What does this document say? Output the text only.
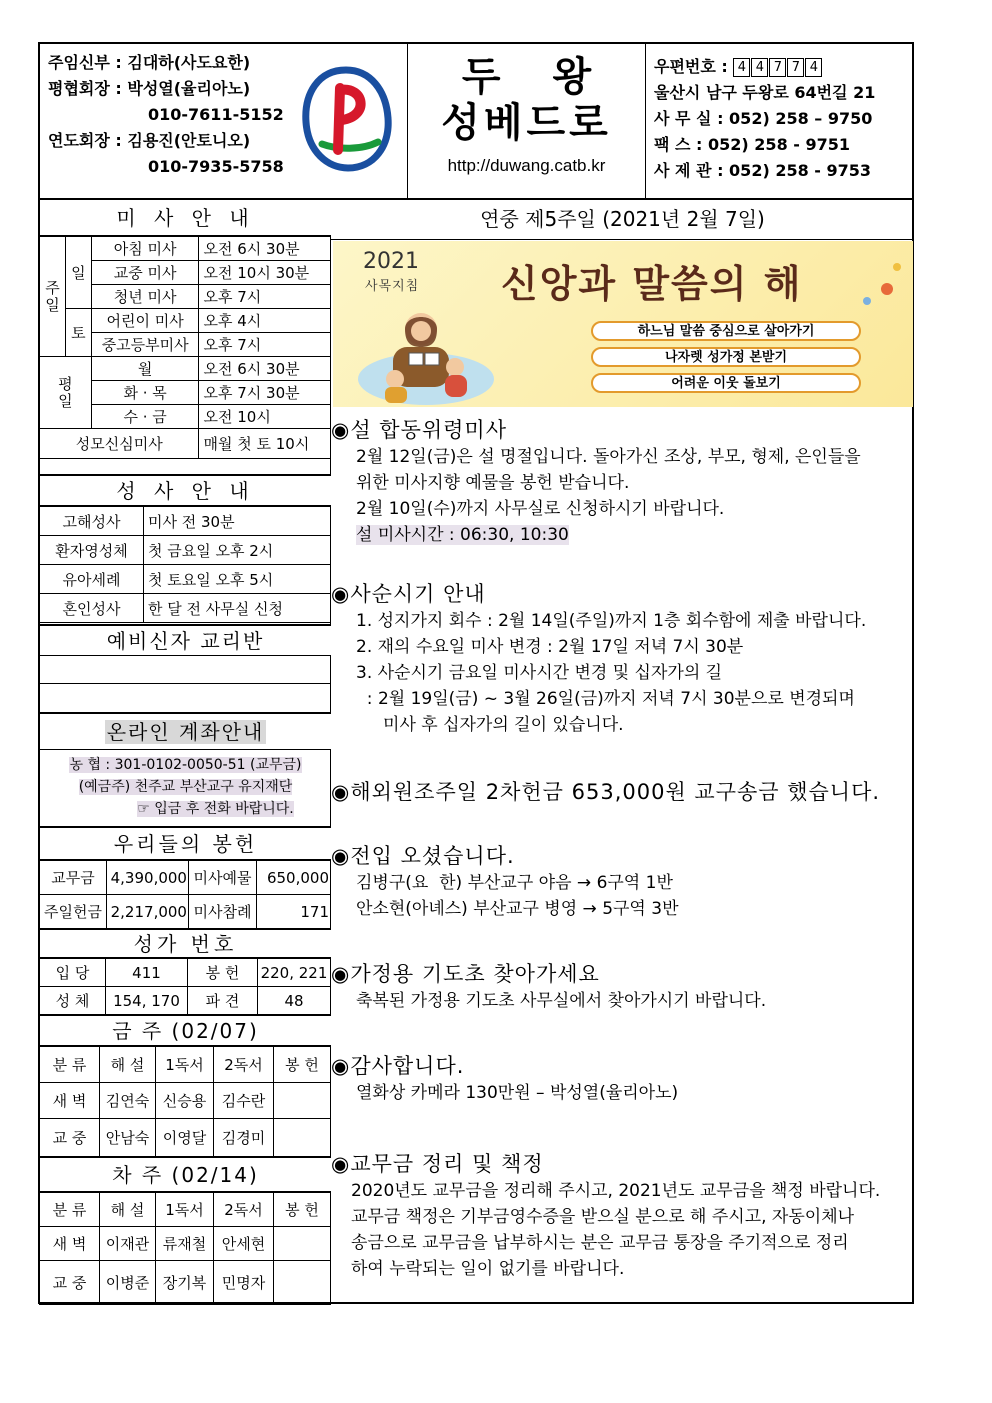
주임신부 : 김대하(사도요한)
평협회장 : 박성열(율리아노)
010-7611-5152
연도회장 : 김용진(안토니오)
010-7935-5758
두왕
성베드로
http://duwang.catb.kr
우편번호 : 4 4 7 7 4
울산시 남구 두왕로 64번길 21
사 무 실 : 052) 258 – 9750
팩 스 : 052) 258 - 9751
사 제 관 : 052) 258 - 9753
미 사 안 내
주일	일	아침 미사	오전 6시 30분
		교중 미사	오전 10시 30분
		청년 미사	오후 7시
	토	어린이 미사	오후 4시
		중고등부미사	오후 7시
평일		월	오전 6시 30분
		화 · 목	오후 7시 30분
		수 · 금	오전 10시
성모신심미사			매월 첫 토 10시
성 사 안 내
고해성사	미사 전 30분
환자영성체	첫 금요일 오후 2시
유아세례	첫 토요일 오후 5시
혼인성사	한 달 전 사무실 신청
예비신자 교리반
온라인 계좌안내
농 협 : 301-0102-0050-51 (교무금)
(예금주) 천주교 부산교구 유지재단
☞ 입금 후 전화 바랍니다.
우리들의 봉헌
교무금	4,390,000	미사예물	650,000
주일헌금	2,217,000	미사참례	171
성가 번호
입 당	411	봉 헌	220, 221
성 체	154, 170	파 견	48
금 주 (02/07)
분 류	해 설	1독서	2독서	봉 헌
새 벽	김연숙	신승용	김수란	
교 중	안남숙	이영달	김경미	
차 주 (02/14)
분 류	해 설	1독서	2독서	봉 헌
새 벽	이재관	류재철	안세현	
교 중	이병준	장기복	민명자	
연중 제5주일 (2021년 2월 7일)
2021
사목지침 신앙과 말씀의 해
하느님 말씀 중심으로 살아가기
나자렛 성가정 본받기
어려운 이웃 돌보기
◉설 합동위령미사

2월 12일(금)은 설 명절입니다. 돌아가신 조상, 부모, 형제, 은인들을

위한 미사지향 예물을 봉헌 받습니다.

2월 10일(수)까지 사무실로 신청하시기 바랍니다.

설 미사시간 : 06:30, 10:30

◉사순시기 안내

1. 성지가지 회수 : 2월 14일(주일)까지 1층 회수함에 제출 바랍니다.

2. 재의 수요일 미사 변경 : 2월 17일 저녁 7시 30분

3. 사순시기 금요일 미사시간 변경 및 십자가의 길

: 2월 19일(금) ~ 3월 26일(금)까지 저녁 7시 30분으로 변경되며

미사 후 십자가의 길이 있습니다.

◉해외원조주일 2차헌금 653,000원 교구송금 했습니다.
◉전입 오셨습니다.

김병구(요  한) 부산교구 야음 → 6구역 1반

안소현(아녜스) 부산교구 병영 → 5구역 3반

◉가정용 기도초 찾아가세요

축복된 가정용 기도초 사무실에서 찾아가시기 바랍니다.

◉감사합니다.

열화상 카메라 130만원 – 박성열(율리아노)

◉교무금 정리 및 책정

2020년도 교무금을 정리해 주시고, 2021년도 교무금을 책정 바랍니다.

교무금 책정은 기부금영수증을 받으실 분으로 해 주시고, 자동이체나

송금으로 교무금을 납부하시는 분은 교무금 통장을 주기적으로 정리

하여 누락되는 일이 없기를 바랍니다.
